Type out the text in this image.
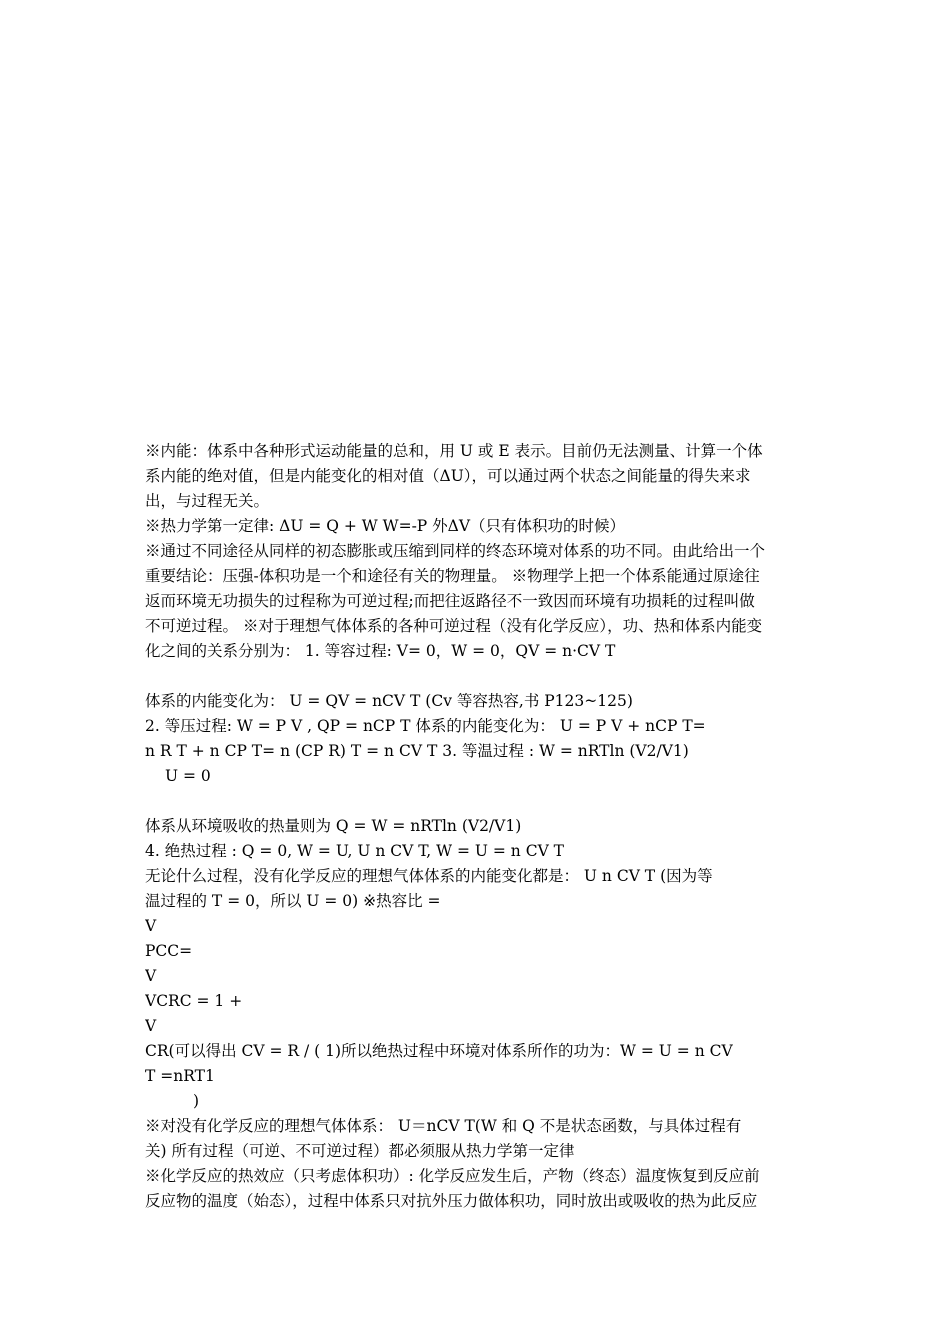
※内能：体系中各种形式运动能量的总和，用 U 或 E 表示。目前仍无法测量、计算一个体
系内能的绝对值，但是内能变化的相对值（ΔU），可以通过两个状态之间能量的得失来求
出，与过程无关。
※热力学第一定律: ΔU = Q + W W=-P 外ΔV（只有体积功的时候）
※通过不同途径从同样的初态膨胀或压缩到同样的终态环境对体系的功不同。由此给出一个
重要结论：压强-体积功是一个和途径有关的物理量。 ※物理学上把一个体系能通过原途往
返而环境无功损失的过程称为可逆过程;而把往返路径不一致因而环境有功损耗的过程叫做
不可逆过程。 ※对于理想气体体系的各种可逆过程（没有化学反应），功、热和体系内能变
化之间的关系分别为： 1. 等容过程: V= 0，W = 0，QV = n·CV T
体系的内能变化为： U = QV = nCV T (Cv 等容热容,书 P123~125)
2. 等压过程: W = P V , QP = nCP T 体系的内能变化为： U = P V + nCP T=
n R T + n CP T= n (CP R) T = n CV T 3. 等温过程 : W = nRTln (V2/V1)
U = 0
体系从环境吸收的热量则为 Q = W = nRTln (V2/V1)
4. 绝热过程 : Q = 0, W = U, U n CV T, W = U = n CV T
无论什么过程，没有化学反应的理想气体体系的内能变化都是： U n CV T (因为等
温过程的 T = 0，所以 U = 0) ※热容比 =
V
PCC=
V
VCRC = 1 +
V
CR(可以得出 CV = R / ( 1)所以绝热过程中环境对体系所作的功为：W = U = n CV
T =nRT1
)
※对没有化学反应的理想气体体系： U＝nCV T(W 和 Q 不是状态函数，与具体过程有
关) 所有过程（可逆、不可逆过程）都必须服从热力学第一定律
※化学反应的热效应（只考虑体积功）: 化学反应发生后，产物（终态）温度恢复到反应前
反应物的温度（始态），过程中体系只对抗外压力做体积功，同时放出或吸收的热为此反应
